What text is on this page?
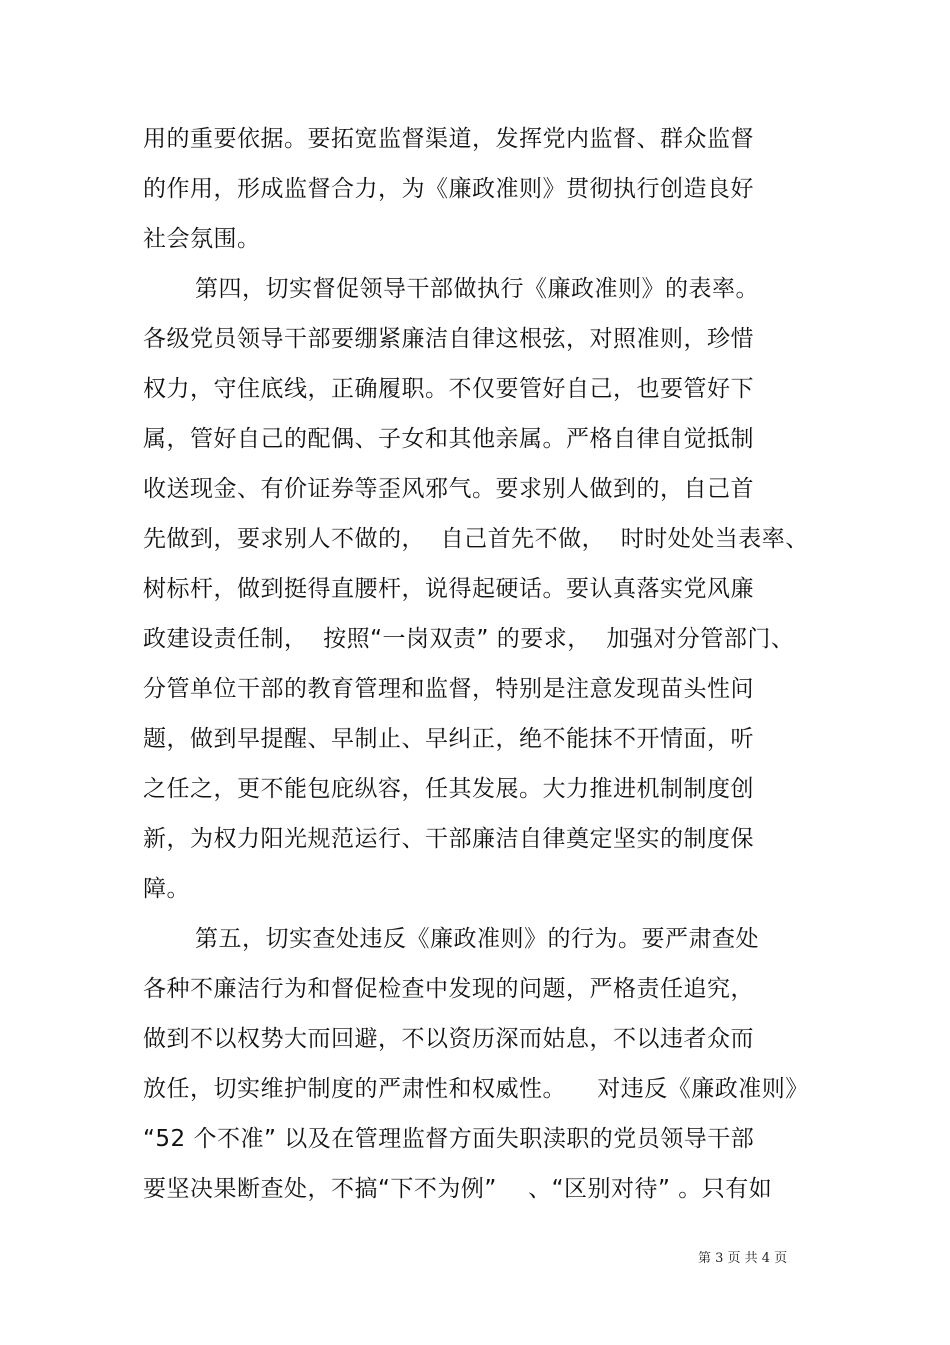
用的重要依据。要拓宽监督渠道，发挥党内监督、群众监督
的作用，形成监督合力，为《廉政准则》贯彻执行创造良好
社会氛围。
第四，切实督促领导干部做执行《廉政准则》的表率。
各级党员领导干部要绷紧廉洁自律这根弦，对照准则，珍惜
权力，守住底线，正确履职。不仅要管好自己，也要管好下
属，管好自己的配偶、子女和其他亲属。严格自律自觉抵制
收送现金、有价证券等歪风邪气。要求别人做到的，自己首
先做到，要求别人不做的，  自己首先不做，  时时处处当表率、
树标杆，做到挺得直腰杆，说得起硬话。要认真落实党风廉
政建设责任制，  按照“一岗双责” 的要求，  加强对分管部门、
分管单位干部的教育管理和监督，特别是注意发现苗头性问
题，做到早提醒、早制止、早纠正，绝不能抹不开情面，听
之任之，更不能包庇纵容，任其发展。大力推进机制制度创
新，为权力阳光规范运行、干部廉洁自律奠定坚实的制度保
障。
第五，切实查处违反《廉政准则》的行为。要严肃查处
各种不廉洁行为和督促检查中发现的问题，严格责任追究，
做到不以权势大而回避，不以资历深而姑息，不以违者众而
放任，切实维护制度的严肃性和权威性。    对违反《廉政准则》
“52 个不准” 以及在管理监督方面失职渎职的党员领导干部
要坚决果断查处，不搞“下不为例”    、“区别对待” 。只有如
第 3 页 共 4 页
